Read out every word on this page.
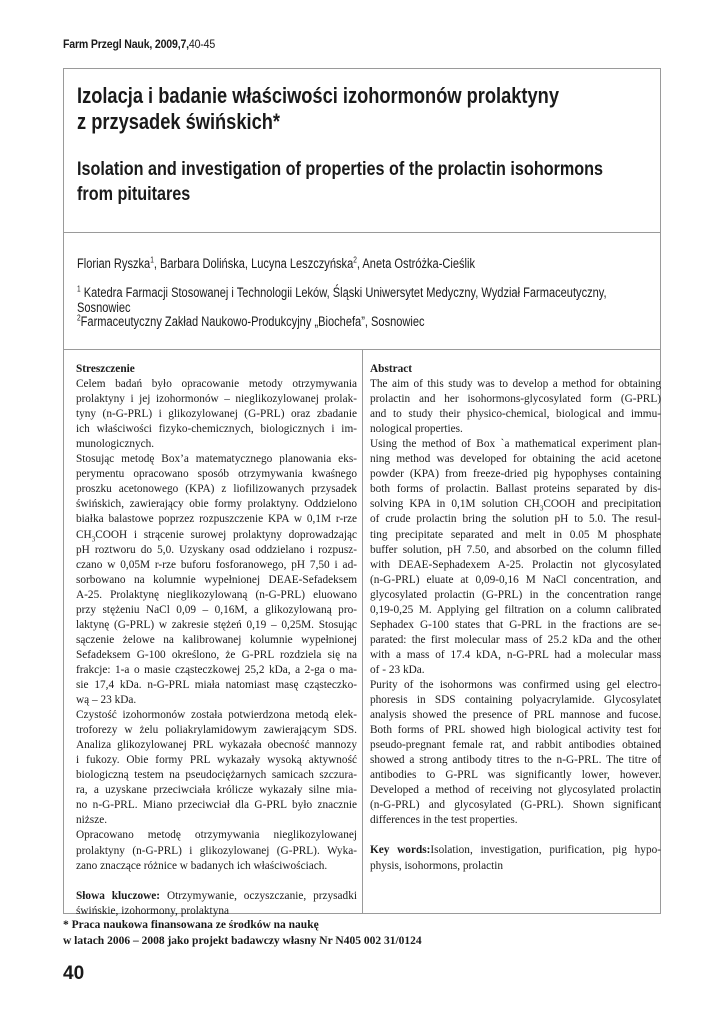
Farm Przegl Nauk, 2009,7,40-45
Izolacja i badanie właściwości izohormonów prolaktyny
z przysadek świńskich*
Isolation and investigation of properties of the prolactin isohormons
from pituitares
Florian Ryszka$^1$, Barbara Dolińska, Lucyna Leszczyńska$^2$, Aneta Ostróżka-Cieślik
$^1$ Katedra Farmacji Stosowanej i Technologii Leków, Śląski Uniwersytet Medyczny, Wydział Farmaceutyczny,
Sosnowiec
$^2$Farmaceutyczny Zakład Naukowo-Produkcyjny „Biochefa”, Sosnowiec

Streszczenie

Celem badań było opracowanie metody otrzymywania

prolaktyny i jej izohormonów – nieglikozylowanej prolak-

tyny (n-G-PRL) i glikozylowanej (G-PRL) oraz zbadanie

ich właściwości fizyko-chemicznych, biologicznych i im-

munologicznych.

Stosując metodę Box’a matematycznego planowania eks-

perymentu opracowano sposób otrzymywania kwaśnego

proszku acetonowego (KPA) z liofilizowanych przysadek

świńskich, zawierający obie formy prolaktyny. Oddzielono

białka balastowe poprzez rozpuszczenie KPA w 0,1M r-rze

$CH_3COOH$ i strącenie surowej prolaktyny doprowadzając

pH roztworu do 5,0. Uzyskany osad oddzielano i rozpusz-

czano w 0,05M r-rze buforu fosforanowego, pH 7,50 i ad-

sorbowano na kolumnie wypełnionej DEAE-Sefadeksem

A-25. Prolaktynę nieglikozylowaną (n-G-PRL) eluowano

przy stężeniu NaCl 0,09 – 0,16M, a glikozylowaną pro-

laktynę (G-PRL) w zakresie stężeń 0,19 – 0,25M. Stosując

sączenie żelowe na kalibrowanej kolumnie wypełnionej

Sefadeksem G-100 określono, że G-PRL rozdziela się na

frakcje: 1-a o masie cząsteczkowej 25,2 kDa, a 2-ga o ma-

sie 17,4 kDa. n-G-PRL miała natomiast masę cząsteczko-

wą – 23 kDa.

Czystość izohormonów została potwierdzona metodą elek-

troforezy w żelu poliakrylamidowym zawierającym SDS.

Analiza glikozylowanej PRL wykazała obecność mannozy

i fukozy. Obie formy PRL wykazały wysoką aktywność

biologiczną testem na pseudociężarnych samicach szczura-

ra, a uzyskane przeciwciała królicze wykazały silne mia-

no n-G-PRL. Miano przeciwciał dla G-PRL było znacznie

niższe.

Opracowano metodę otrzymywania nieglikozylowanej

prolaktyny (n-G-PRL) i glikozylowanej (G-PRL). Wyka-

zano znaczące różnice w badanych ich właściwościach.

Słowa kluczowe: Otrzymywanie, oczyszczanie, przysadki

świńskie, izohormony, prolaktyna

Abstract

The aim of this study was to develop a method for obtaining

prolactin and her isohormons-glycosylated form (G-PRL)

and to study their physico-chemical, biological and immu-

nological properties.

Using the method of Box `a mathematical experiment plan-

ning method was developed for obtaining the acid acetone

powder (KPA) from freeze-dried pig hypophyses containing

both forms of prolactin. Ballast proteins separated by dis-

solving KPA in 0,1M solution $CH_3COOH$ and precipitation

of crude prolactin bring the solution pH to 5.0. The resul-

ting precipitate separated and melt in 0.05 M phosphate

buffer solution, pH 7.50, and absorbed on the column filled

with DEAE-Sephadexem A-25. Prolactin not glycosylated

(n-G-PRL) eluate at 0,09-0,16 M NaCl concentration, and

glycosylated prolactin (G-PRL) in the concentration range

0,19-0,25 M. Applying gel filtration on a column calibrated

Sephadex G-100 states that G-PRL in the fractions are se-

parated: the first molecular mass of 25.2 kDa and the other

with a mass of 17.4 kDA, n-G-PRL had a molecular mass

of - 23 kDa.

Purity of the isohormons was confirmed using gel electro-

phoresis in SDS containing polyacrylamide. Glycosylatet

analysis showed the presence of PRL mannose and fucose.

Both forms of PRL showed high biological activity test for

pseudo-pregnant female rat, and rabbit antibodies obtained

showed a strong antibody titres to the n-G-PRL. The titre of

antibodies to G-PRL was significantly lower, however.

Developed a method of receiving not glycosylated prolactin

(n-G-PRL) and glycosylated (G-PRL). Shown significant

differences in the test properties.

Key words:Isolation, investigation, purification, pig hypo-

physis, isohormons, prolactin

* Praca naukowa finansowana ze środków na naukę
w latach 2006 – 2008 jako projekt badawczy własny Nr N405 002 31/0124
40
